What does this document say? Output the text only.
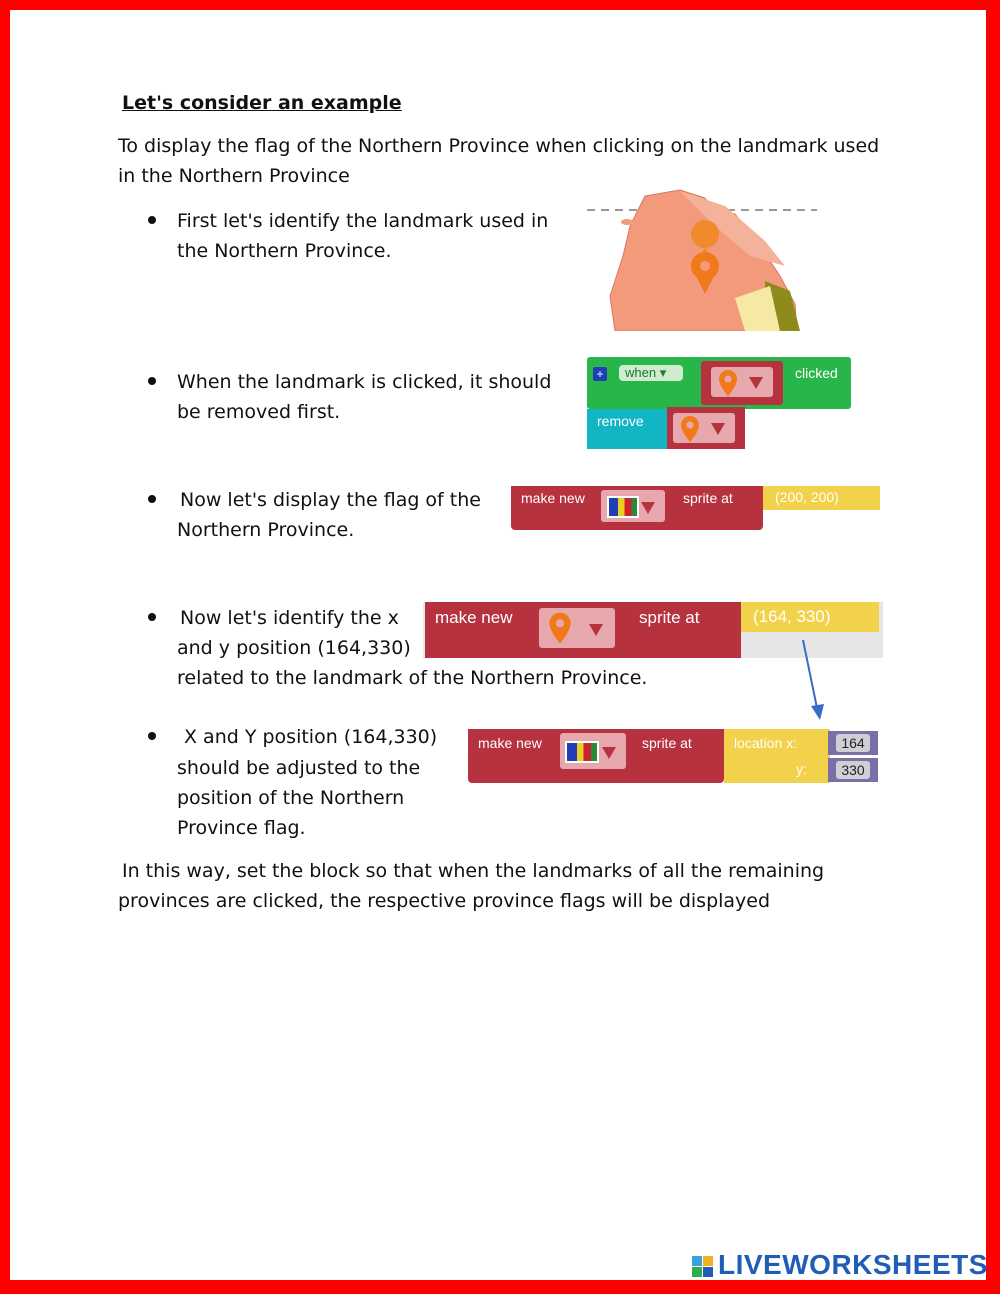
Let's consider an example
To display the flag of the Northern Province when clicking on the landmark used
in the Northern Province
First let's identify the landmark used in
the Northern Province.
When the landmark is clicked, it should
be removed first.
+	when ▾	clicked
remove
Now let's display the flag of the
Northern Province.
make new	sprite at	(200, 200)
Now let's identify the x
and y position (164,330)
related to the landmark of the Northern Province.
make new	sprite at	(164, 330)
X and Y position (164,330)
should be adjusted to the
position of the Northern
Province flag.
make new	sprite at	location x:
y:
164
330
In this way, set the block so that when the landmarks of all the remaining
provinces are clicked, the respective province flags will be displayed
LIVEWORKSHEETS
